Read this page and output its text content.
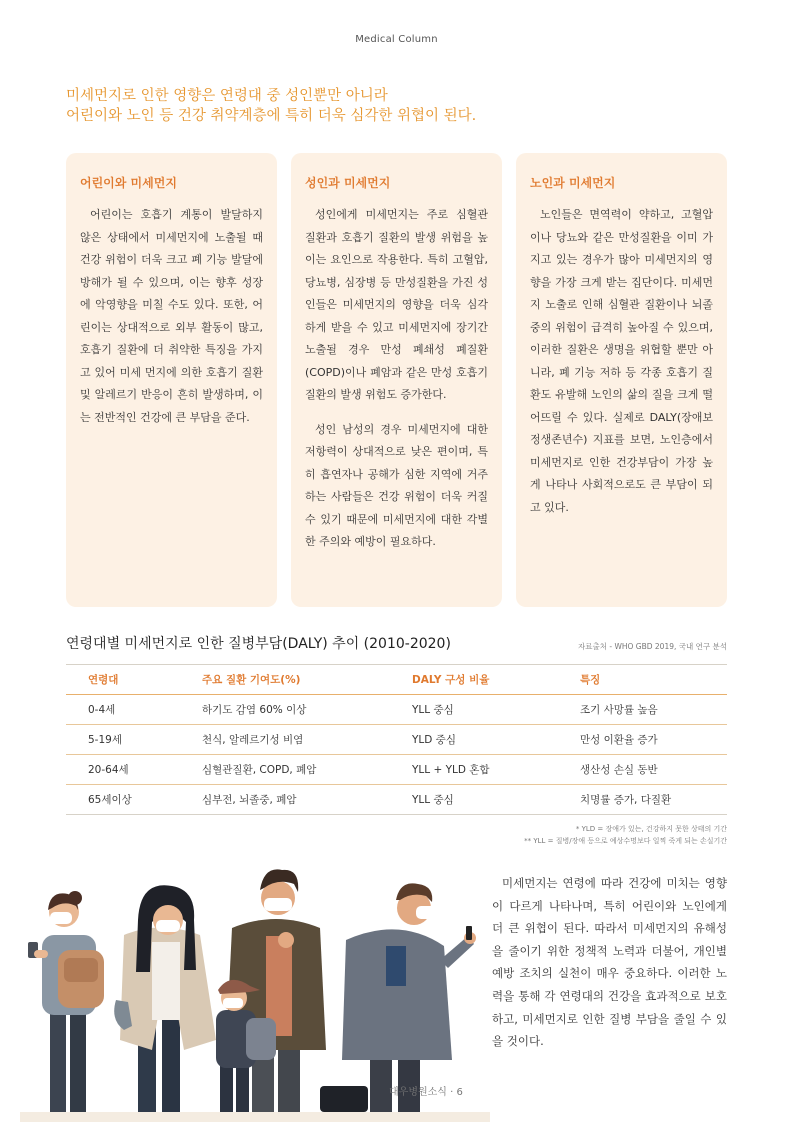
Medical Column
미세먼지로 인한 영향은 연령대 중 성인뿐만 아니라
어린이와 노인 등 건강 취약계층에 특히 더욱 심각한 위협이 된다.
어린이와 미세먼지

어린이는 호흡기 계통이 발달하지 않은 상태에서 미세먼지에 노출될 때 건강 위험이 더욱 크고 폐 기능 발달에 방해가 될 수 있으며, 이는 향후 성장에 악영향을 미칠 수도 있다. 또한, 어린이는 상대적으로 외부 활동이 많고, 호흡기 질환에 더 취약한 특징을 가지고 있어 미세 먼지에 의한 호흡기 질환 및 알레르기 반응이 흔히 발생하며, 이는 전반적인 건강에 큰 부담을 준다.

성인과 미세먼지

성인에게 미세먼지는 주로 심혈관 질환과 호흡기 질환의 발생 위험을 높이는 요인으로 작용한다. 특히 고혈압, 당뇨병, 심장병 등 만성질환을 가진 성인들은 미세먼지의 영향을 더욱 심각하게 받을 수 있고 미세먼지에 장기간 노출될 경우 만성 폐쇄성 폐질환(COPD)이나 폐암과 같은 만성 호흡기 질환의 발생 위험도 증가한다.

성인 남성의 경우 미세먼지에 대한 저항력이 상대적으로 낮은 편이며, 특히 흡연자나 공해가 심한 지역에 거주하는 사람들은 건강 위험이 더욱 커질 수 있기 때문에 미세먼지에 대한 각별한 주의와 예방이 필요하다.

노인과 미세먼지

노인들은 면역력이 약하고, 고혈압이나 당뇨와 같은 만성질환을 이미 가지고 있는 경우가 많아 미세먼지의 영향을 가장 크게 받는 집단이다. 미세먼지 노출로 인해 심혈관 질환이나 뇌졸중의 위험이 급격히 높아질 수 있으며, 이러한 질환은 생명을 위협할 뿐만 아니라, 폐 기능 저하 등 각종 호흡기 질환도 유발해 노인의 삶의 질을 크게 떨어뜨릴 수 있다. 실제로 DALY(장애보정생존년수) 지표를 보면, 노인층에서 미세먼지로 인한 건강부담이 가장 높게 나타나 사회적으로도 큰 부담이 되고 있다.

연령대별 미세먼지로 인한 질병부담(DALY) 추이 (2010-2020)	자료출처 - WHO GBD 2019, 국내 연구 분석
연령대	주요 질환 기여도(%)	DALY 구성 비율	특징
0-4세	하기도 감염 60% 이상	YLL 중심	조기 사망률 높음
5-19세	천식, 알레르기성 비염	YLD 중심	만성 이환율 증가
20-64세	심혈관질환, COPD, 폐암	YLL + YLD 혼합	생산성 손실 동반
65세이상	심부전, 뇌졸중, 폐암	YLL 중심	치명률 증가, 다질환
* YLD = 장애가 있는, 건강하지 못한 상태의 기간
** YLL = 질병/장애 등으로 예상수명보다 일찍 죽게 되는 손실기간
미세먼지는 연령에 따라 건강에 미치는 영향이 다르게 나타나며, 특히 어린이와 노인에게 더 큰 위협이 된다. 따라서 미세먼지의 유해성을 줄이기 위한 정책적 노력과 더불어, 개인별 예방 조치의 실천이 매우 중요하다. 이러한 노력을 통해 각 연령대의 건강을 효과적으로 보호하고, 미세먼지로 인한 질병 부담을 줄일 수 있을 것이다.
대우병원소식 · 6
